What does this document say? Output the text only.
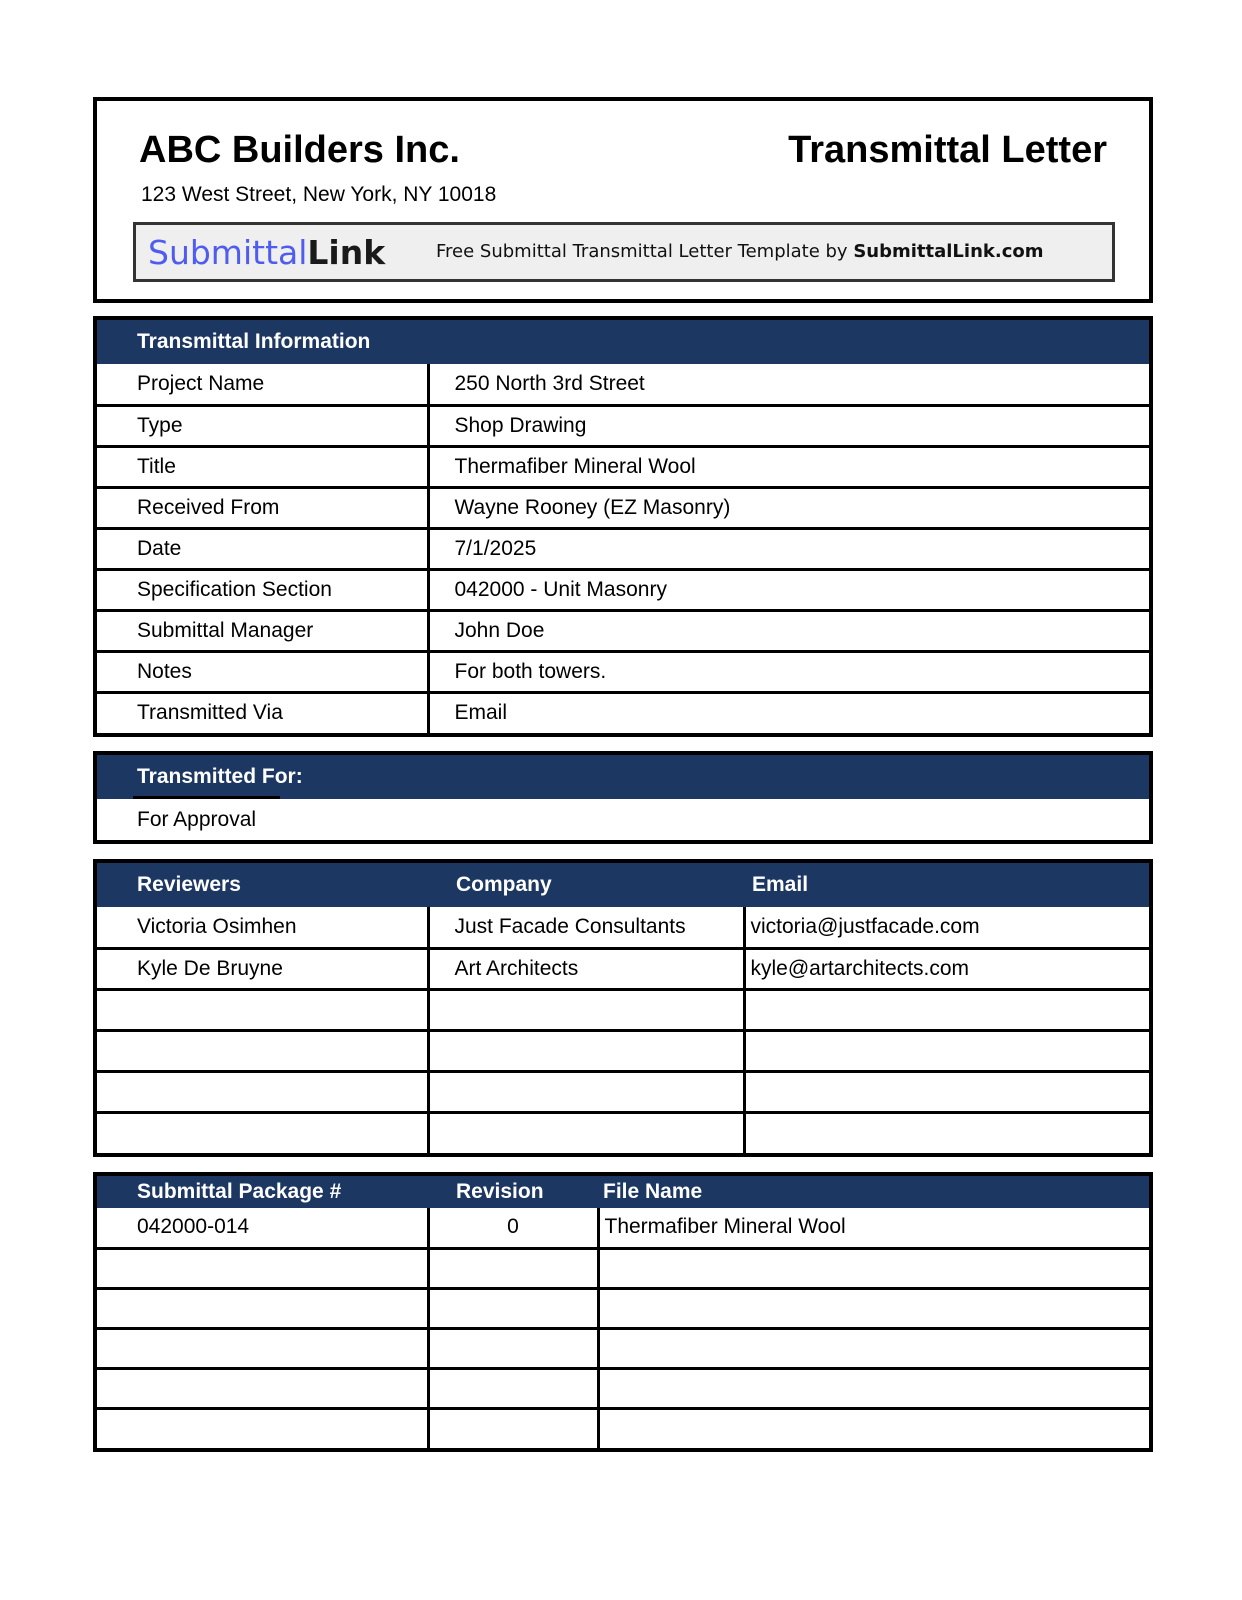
ABC Builders Inc.	Transmittal Letter
123 West Street, New York, NY 10018
SubmittalLink	Free Submittal Transmittal Letter Template by SubmittalLink.com
Transmittal Information	
Project Name	250 North 3rd Street
Type	Shop Drawing
Title	Thermafiber Mineral Wool
Received From	Wayne Rooney (EZ Masonry)
Date	7/1/2025
Specification Section	042000 - Unit Masonry
Submittal Manager	John Doe
Notes	For both towers.
Transmitted Via	Email
Transmitted For:

For Approval
Reviewers	Company	Email
Victoria Osimhen	Just Facade Consultants	victoria@justfacade.com
Kyle De Bruyne	Art Architects	kyle@artarchitects.com

Submittal Package #	Revision	File Name
042000-014	0	Thermafiber Mineral Wool
